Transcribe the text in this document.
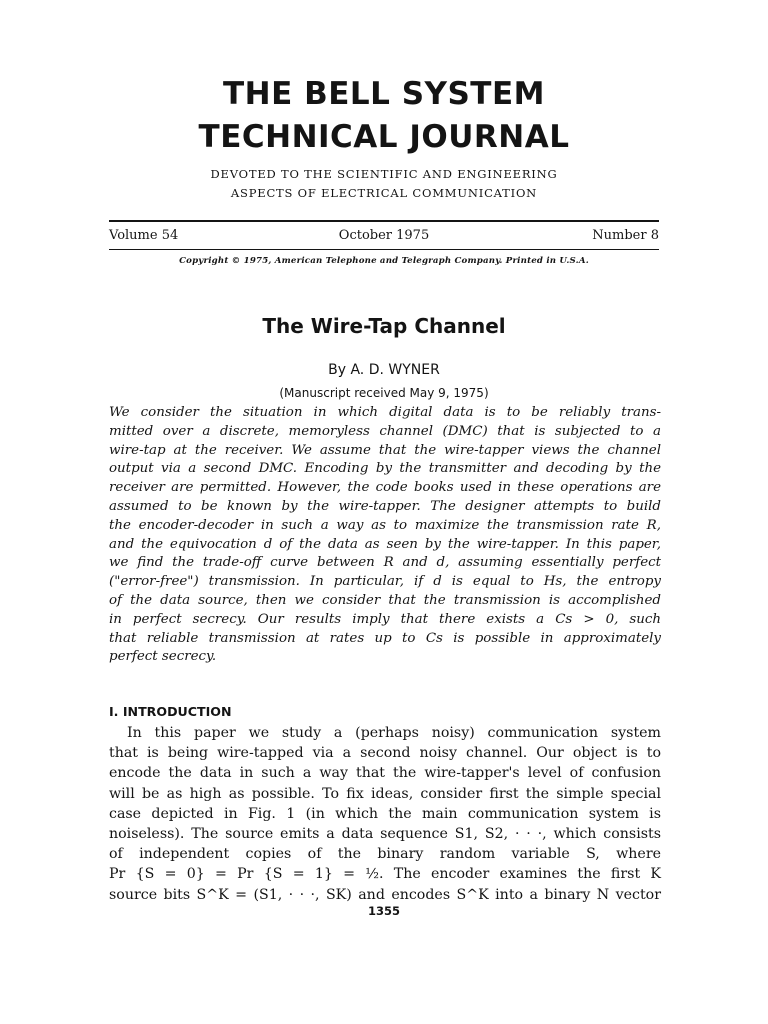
THE BELL SYSTEM
TECHNICAL JOURNAL

DEVOTED TO THE SCIENTIFIC AND ENGINEERING

ASPECTS OF ELECTRICAL COMMUNICATION

Volume 54	October 1975	Number 8
Copyright © 1975, American Telephone and Telegraph Company. Printed in U.S.A.
The Wire-Tap Channel
By A. D. WYNER
(Manuscript received May 9, 1975)
We consider the situation in which digital data is to be reliably trans-
mitted over a discrete, memoryless channel (DMC) that is subjected to a
wire-tap at the receiver. We assume that the wire-tapper views the channel
output via a second DMC. Encoding by the transmitter and decoding by the
receiver are permitted. However, the code books used in these operations are
assumed to be known by the wire-tapper. The designer attempts to build
the encoder-decoder in such a way as to maximize the transmission rate R,
and the equivocation d of the data as seen by the wire-tapper. In this paper,
we find the trade-off curve between R and d, assuming essentially perfect
("error-free") transmission. In particular, if d is equal to Hs, the entropy
of the data source, then we consider that the transmission is accomplished
in perfect secrecy. Our results imply that there exists a Cs > 0, such
that reliable transmission at rates up to Cs is possible in approximately
perfect secrecy.
I. INTRODUCTION
In this paper we study a (perhaps noisy) communication system
that is being wire-tapped via a second noisy channel. Our object is to
encode the data in such a way that the wire-tapper's level of confusion
will be as high as possible. To fix ideas, consider first the simple special
case depicted in Fig. 1 (in which the main communication system is
noiseless). The source emits a data sequence S1, S2, · · ·, which consists
of independent copies of the binary random variable S, where
Pr {S = 0} = Pr {S = 1} = ½. The encoder examines the first K
source bits S^K = (S1, · · ·, SK) and encodes S^K into a binary N vector
1355
